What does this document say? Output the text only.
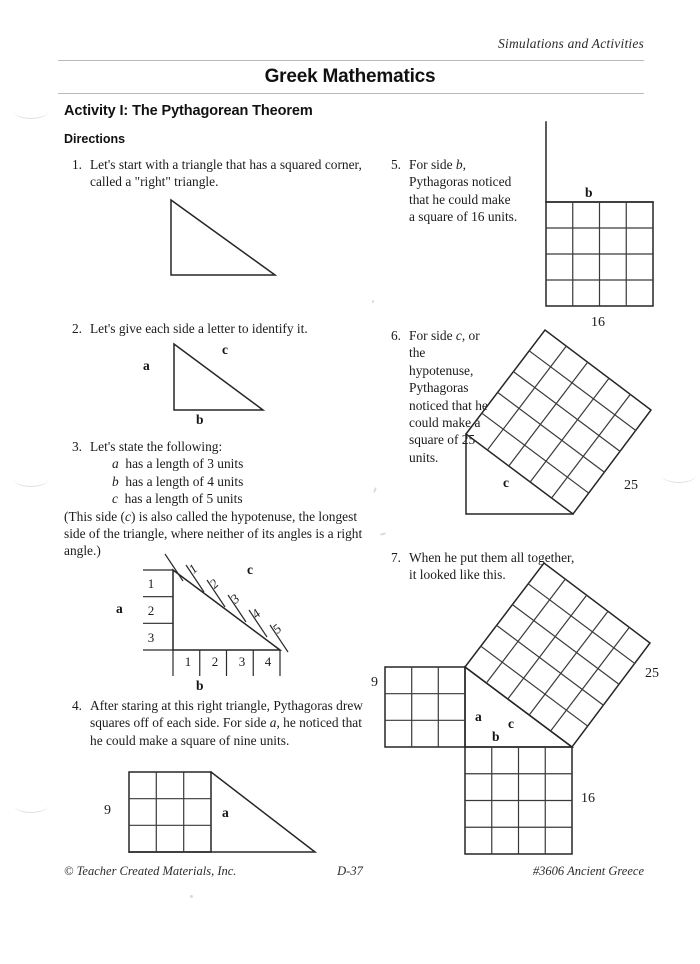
Simulations and Activities
Greek Mathematics
Activity I: The Pythagorean Theorem
Directions
1. Let's start with a triangle that has a squared corner, called a "right" triangle.
2. Let's give each side a letter to identify it.
a
b
c
3. Let's state the following:
a has a length of 3 units
b has a length of 4 units
c has a length of 5 units
(This side (c) is also called the hypotenuse, the longest side of the triangle, where neither of its angles is a right angle.)
a
b
c
1
2
3
1	2	3	4
1
2
3
4
5
4. After staring at this right triangle, Pythagoras drew squares off of each side. For side a, he noticed that he could make a square of nine units.
9	a
5. For side b, Pythagoras noticed that he could make a square of 16 units.
b
16
6. For side c, or the hypotenuse, Pythagoras noticed that he could make a square of 25 units.
c	25
7. When he put them all together, it looked like this.
9
25
16
a c
b
© Teacher Created Materials, Inc.	D-37	#3606 Ancient Greece
